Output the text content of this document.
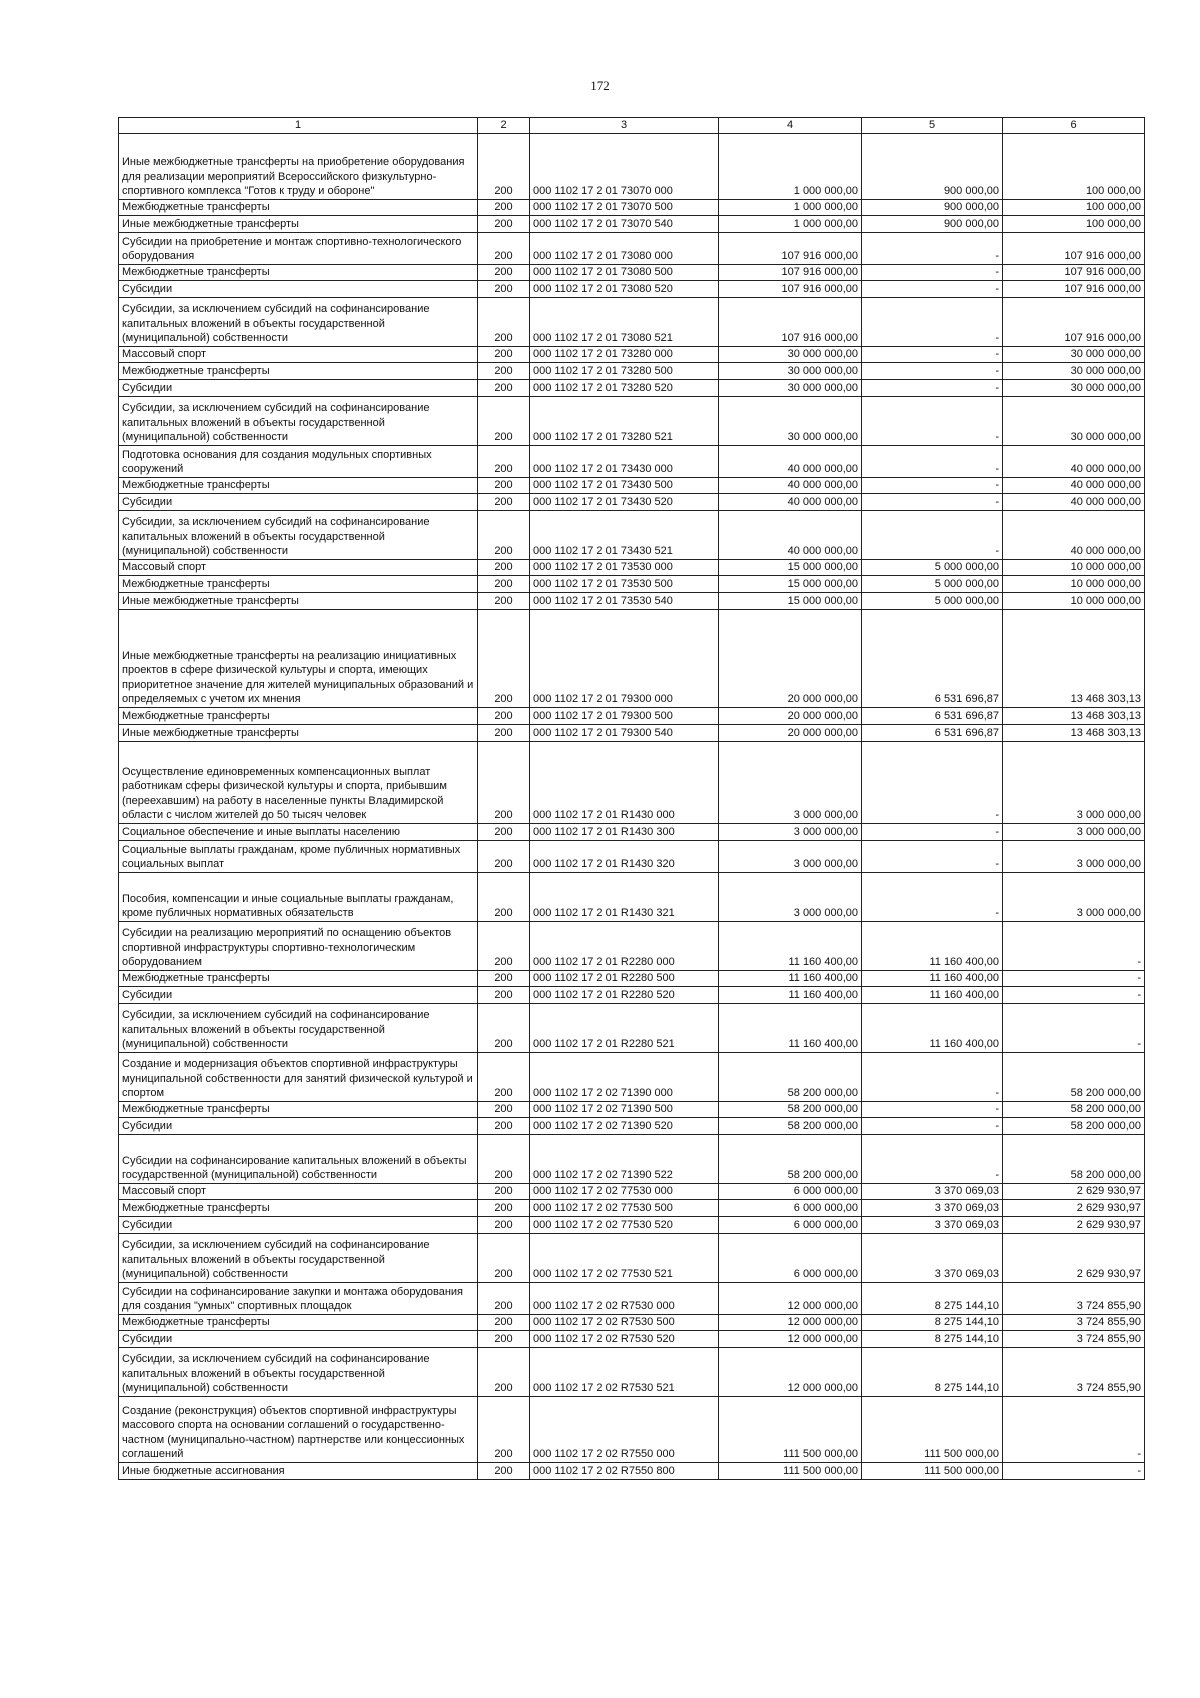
172
1	2	3	4	5	6
Иные межбюджетные трансферты на приобретение оборудования для реализации мероприятий Всероссийского физкультурно-спортивного комплекса "Готов к труду и обороне"	200	000 1102 17 2 01 73070 000	1 000 000,00	900 000,00	100 000,00
Межбюджетные трансферты	200	000 1102 17 2 01 73070 500	1 000 000,00	900 000,00	100 000,00
Иные межбюджетные трансферты	200	000 1102 17 2 01 73070 540	1 000 000,00	900 000,00	100 000,00
Субсидии на приобретение и монтаж спортивно-технологического оборудования	200	000 1102 17 2 01 73080 000	107 916 000,00	-	107 916 000,00
Межбюджетные трансферты	200	000 1102 17 2 01 73080 500	107 916 000,00	-	107 916 000,00
Субсидии	200	000 1102 17 2 01 73080 520	107 916 000,00	-	107 916 000,00
Субсидии, за исключением субсидий на софинансирование капитальных вложений в объекты государственной (муниципальной) собственности	200	000 1102 17 2 01 73080 521	107 916 000,00	-	107 916 000,00
Массовый спорт	200	000 1102 17 2 01 73280 000	30 000 000,00	-	30 000 000,00
Межбюджетные трансферты	200	000 1102 17 2 01 73280 500	30 000 000,00	-	30 000 000,00
Субсидии	200	000 1102 17 2 01 73280 520	30 000 000,00	-	30 000 000,00
Субсидии, за исключением субсидий на софинансирование капитальных вложений в объекты государственной (муниципальной) собственности	200	000 1102 17 2 01 73280 521	30 000 000,00	-	30 000 000,00
Подготовка основания для создания модульных спортивных сооружений	200	000 1102 17 2 01 73430 000	40 000 000,00	-	40 000 000,00
Межбюджетные трансферты	200	000 1102 17 2 01 73430 500	40 000 000,00	-	40 000 000,00
Субсидии	200	000 1102 17 2 01 73430 520	40 000 000,00	-	40 000 000,00
Субсидии, за исключением субсидий на софинансирование капитальных вложений в объекты государственной (муниципальной) собственности	200	000 1102 17 2 01 73430 521	40 000 000,00	-	40 000 000,00
Массовый спорт	200	000 1102 17 2 01 73530 000	15 000 000,00	5 000 000,00	10 000 000,00
Межбюджетные трансферты	200	000 1102 17 2 01 73530 500	15 000 000,00	5 000 000,00	10 000 000,00
Иные межбюджетные трансферты	200	000 1102 17 2 01 73530 540	15 000 000,00	5 000 000,00	10 000 000,00
Иные межбюджетные трансферты на реализацию инициативных проектов в сфере физической культуры и спорта, имеющих приоритетное значение для жителей муниципальных образований и определяемых с учетом их мнения	200	000 1102 17 2 01 79300 000	20 000 000,00	6 531 696,87	13 468 303,13
Межбюджетные трансферты	200	000 1102 17 2 01 79300 500	20 000 000,00	6 531 696,87	13 468 303,13
Иные межбюджетные трансферты	200	000 1102 17 2 01 79300 540	20 000 000,00	6 531 696,87	13 468 303,13
Осуществление единовременных компенсационных выплат работникам сферы физической культуры и спорта, прибывшим (переехавшим) на работу в населенные пункты Владимирской области с числом жителей до 50 тысяч человек	200	000 1102 17 2 01 R1430 000	3 000 000,00	-	3 000 000,00
Социальное обеспечение и иные выплаты населению	200	000 1102 17 2 01 R1430 300	3 000 000,00	-	3 000 000,00
Социальные выплаты гражданам, кроме публичных нормативных социальных выплат	200	000 1102 17 2 01 R1430 320	3 000 000,00	-	3 000 000,00
Пособия, компенсации и иные социальные выплаты гражданам, кроме публичных нормативных обязательств	200	000 1102 17 2 01 R1430 321	3 000 000,00	-	3 000 000,00
Субсидии на реализацию мероприятий по оснащению объектов спортивной инфраструктуры спортивно-технологическим оборудованием	200	000 1102 17 2 01 R2280 000	11 160 400,00	11 160 400,00	-
Межбюджетные трансферты	200	000 1102 17 2 01 R2280 500	11 160 400,00	11 160 400,00	-
Субсидии	200	000 1102 17 2 01 R2280 520	11 160 400,00	11 160 400,00	-
Субсидии, за исключением субсидий на софинансирование капитальных вложений в объекты государственной (муниципальной) собственности	200	000 1102 17 2 01 R2280 521	11 160 400,00	11 160 400,00	-
Создание и модернизация объектов спортивной инфраструктуры муниципальной собственности для занятий физической культурой и спортом	200	000 1102 17 2 02 71390 000	58 200 000,00	-	58 200 000,00
Межбюджетные трансферты	200	000 1102 17 2 02 71390 500	58 200 000,00	-	58 200 000,00
Субсидии	200	000 1102 17 2 02 71390 520	58 200 000,00	-	58 200 000,00
Субсидии на софинансирование капитальных вложений в объекты государственной (муниципальной) собственности	200	000 1102 17 2 02 71390 522	58 200 000,00	-	58 200 000,00
Массовый спорт	200	000 1102 17 2 02 77530 000	6 000 000,00	3 370 069,03	2 629 930,97
Межбюджетные трансферты	200	000 1102 17 2 02 77530 500	6 000 000,00	3 370 069,03	2 629 930,97
Субсидии	200	000 1102 17 2 02 77530 520	6 000 000,00	3 370 069,03	2 629 930,97
Субсидии, за исключением субсидий на софинансирование капитальных вложений в объекты государственной (муниципальной) собственности	200	000 1102 17 2 02 77530 521	6 000 000,00	3 370 069,03	2 629 930,97
Субсидии на софинансирование закупки и монтажа оборудования для создания "умных" спортивных площадок	200	000 1102 17 2 02 R7530 000	12 000 000,00	8 275 144,10	3 724 855,90
Межбюджетные трансферты	200	000 1102 17 2 02 R7530 500	12 000 000,00	8 275 144,10	3 724 855,90
Субсидии	200	000 1102 17 2 02 R7530 520	12 000 000,00	8 275 144,10	3 724 855,90
Субсидии, за исключением субсидий на софинансирование капитальных вложений в объекты государственной (муниципальной) собственности	200	000 1102 17 2 02 R7530 521	12 000 000,00	8 275 144,10	3 724 855,90
Создание (реконструкция) объектов спортивной инфраструктуры массового спорта на основании соглашений о государственно-частном (муниципально-частном) партнерстве или концессионных соглашений	200	000 1102 17 2 02 R7550 000	111 500 000,00	111 500 000,00	-
Иные бюджетные ассигнования	200	000 1102 17 2 02 R7550 800	111 500 000,00	111 500 000,00	-
